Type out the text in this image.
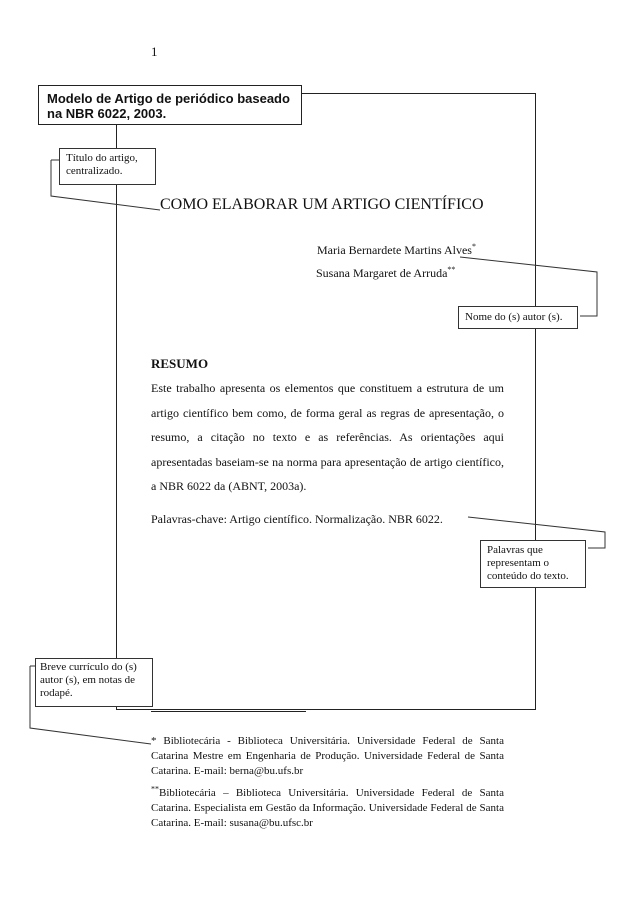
1
Modelo de Artigo de periódico baseado na NBR 6022, 2003.
Título do artigo, centralizado.
COMO ELABORAR UM ARTIGO CIENTÍFICO
Maria Bernardete Martins Alves*
Susana Margaret de Arruda**
Nome do (s) autor (s).
RESUMO
Este trabalho apresenta os elementos que constituem a estrutura de um artigo científico bem como, de forma geral as regras de apresentação, o resumo, a citação no texto e as referências. As orientações aqui apresentadas baseiam-se na norma para apresentação de artigo científico, a NBR 6022 da (ABNT, 2003a).
Palavras-chave: Artigo científico. Normalização. NBR 6022.
Palavras que representam o conteúdo do texto.
Breve currículo do (s) autor (s), em notas de rodapé.
* Bibliotecária - Biblioteca Universitária. Universidade Federal de Santa Catarina Mestre em Engenharia de Produção. Universidade Federal de Santa Catarina. E-mail: berna@bu.ufs.br
**Bibliotecária – Biblioteca Universitária. Universidade Federal de Santa Catarina. Especialista em Gestão da Informação. Universidade Federal de Santa Catarina. E-mail: susana@bu.ufsc.br
